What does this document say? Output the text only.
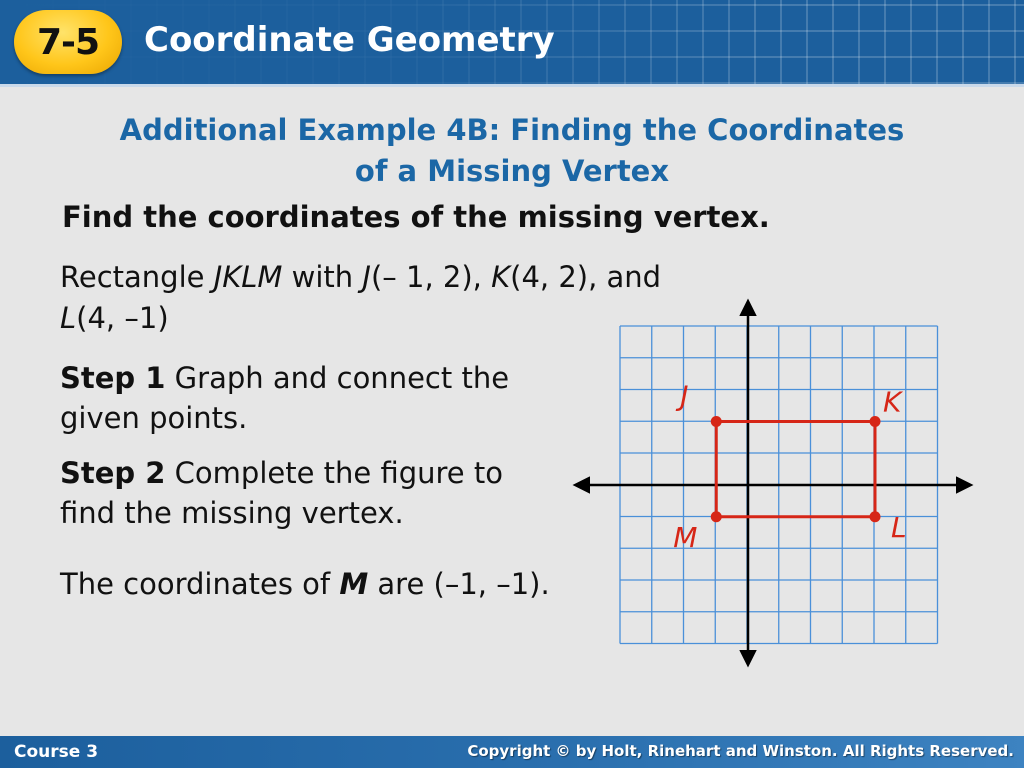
7-5 Coordinate Geometry
Additional Example 4B: Finding the Coordinates
of a Missing Vertex
Find the coordinates of the missing vertex.
Rectangle JKLM with J(– 1, 2), K(4, 2), and
L(4, –1)
Step 1 Graph and connect the given points.
Step 2 Complete the figure to find the missing vertex.
The coordinates of M are (–1, –1).
J	K
L
M
Course 3	Copyright © by Holt, Rinehart and Winston. All Rights Reserved.
